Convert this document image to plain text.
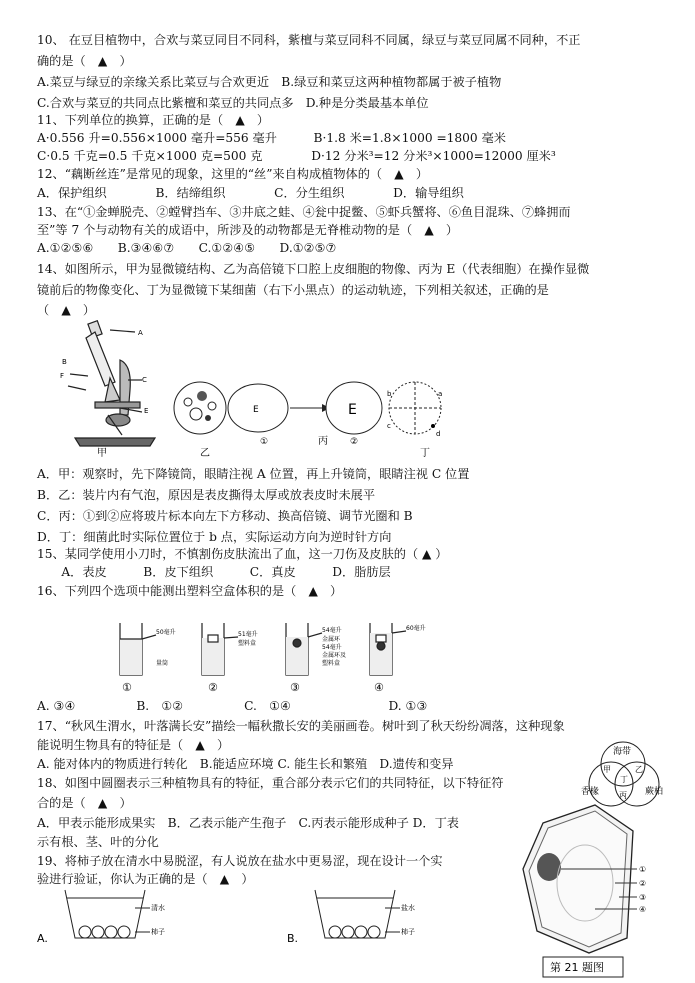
10、 在豆目植物中，合欢与菜豆同目不同科，紫檀与菜豆同科不同属，绿豆与菜豆同属不同种，不正
确的是（　▲　）
A.菜豆与绿豆的亲缘关系比菜豆与合欢更近　B.绿豆和菜豆这两种植物都属于被子植物
C.合欢与菜豆的共同点比紫檀和菜豆的共同点多　D.种是分类最基本单位
11、下列单位的换算，正确的是（　▲　）
A·0.556 升=0.556×1000 毫升=556 毫升　　　B·1.8 米=1.8×1000 =1800 毫米
C·0.5 千克=0.5 千克×1000 克=500 克　　　　D·12 分米³=12 分米³×1000=12000 厘米³
12、“藕断丝连”是常见的现象，这里的“丝”来自构成植物体的（　▲　）
A．保护组织　　　　B．结缔组织　　　　C．分生组织　　　　D．输导组织
13、在“①金蝉脱壳、②螳臂挡车、③井底之蛙、④瓮中捉鳖、⑤虾兵蟹将、⑥鱼目混珠、⑦蜂拥而
至”等 7 个与动物有关的成语中，所涉及的动物都是无脊椎动物的是（　▲　）
A.①②⑤⑥　　B.③④⑥⑦　　C.①②④⑤　　D.①②⑤⑦
14、如图所示，甲为显微镜结构、乙为高倍镜下口腔上皮细胞的物像、丙为 E（代表细胞）在操作显微
镜前后的物像变化、丁为显微镜下某细菌（右下小黑点）的运动轨迹，下列相关叙述，正确的是
（　▲　）
A．甲：观察时，先下降镜筒，眼睛注视 A 位置，再上升镜筒，眼睛注视 C 位置
B．乙：装片内有气泡，原因是表皮撕得太厚或放表皮时未展平
C．丙：①到②应将玻片标本向左下方移动、换高倍镜、调节光圈和 B
D．丁：细菌此时实际位置位于 b 点，实际运动方向为逆时针方向
15、某同学使用小刀时，不慎割伤皮肤流出了血，这一刀伤及皮肤的（ ▲ ）
　　A．表皮　　　B．皮下组织　　　C．真皮　　　D．脂肪层
16、下列四个选项中能测出塑料空盒体积的是（　▲　）
A. ③④　　　　　B.　①②　　　　　C.　①④　　　　　　　　D. ①③
17、“秋风生渭水，叶落满长安”描绘一幅秋撒长安的美丽画卷。树叶到了秋天纷纷凋落，这种现象
能说明生物具有的特征是（　▲　）
A. 能对体内的物质进行转化　B.能适应环境 C. 能生长和繁殖　D.遗传和变异
18、如图中圆圈表示三种植物具有的特征，重合部分表示它们的共同特征，以下特征符
合的是（　▲　）
A．甲表示能形成果实　B．乙表示能产生孢子　C.丙表示能形成种子 D．丁表
示有根、茎、叶的分化
19、将柿子放在清水中易脱涩，有人说放在盐水中更易涩，现在设计一个实
验进行验证，你认为正确的是（　▲　）
A
B
F	C
E
甲	乙
E
①
E
丙 ②
b	a
c
d
丁
50毫升
量筒
51毫升
塑料盒
54毫升
金属环
54毫升
金属环及
塑料盒
60毫升
①	②	③	④
海带
香椽	蕨柏
甲	乙
丙
丁
清水
柿子
A.
盐水
柿子
B.
①
②
③
④
第 21 题图
